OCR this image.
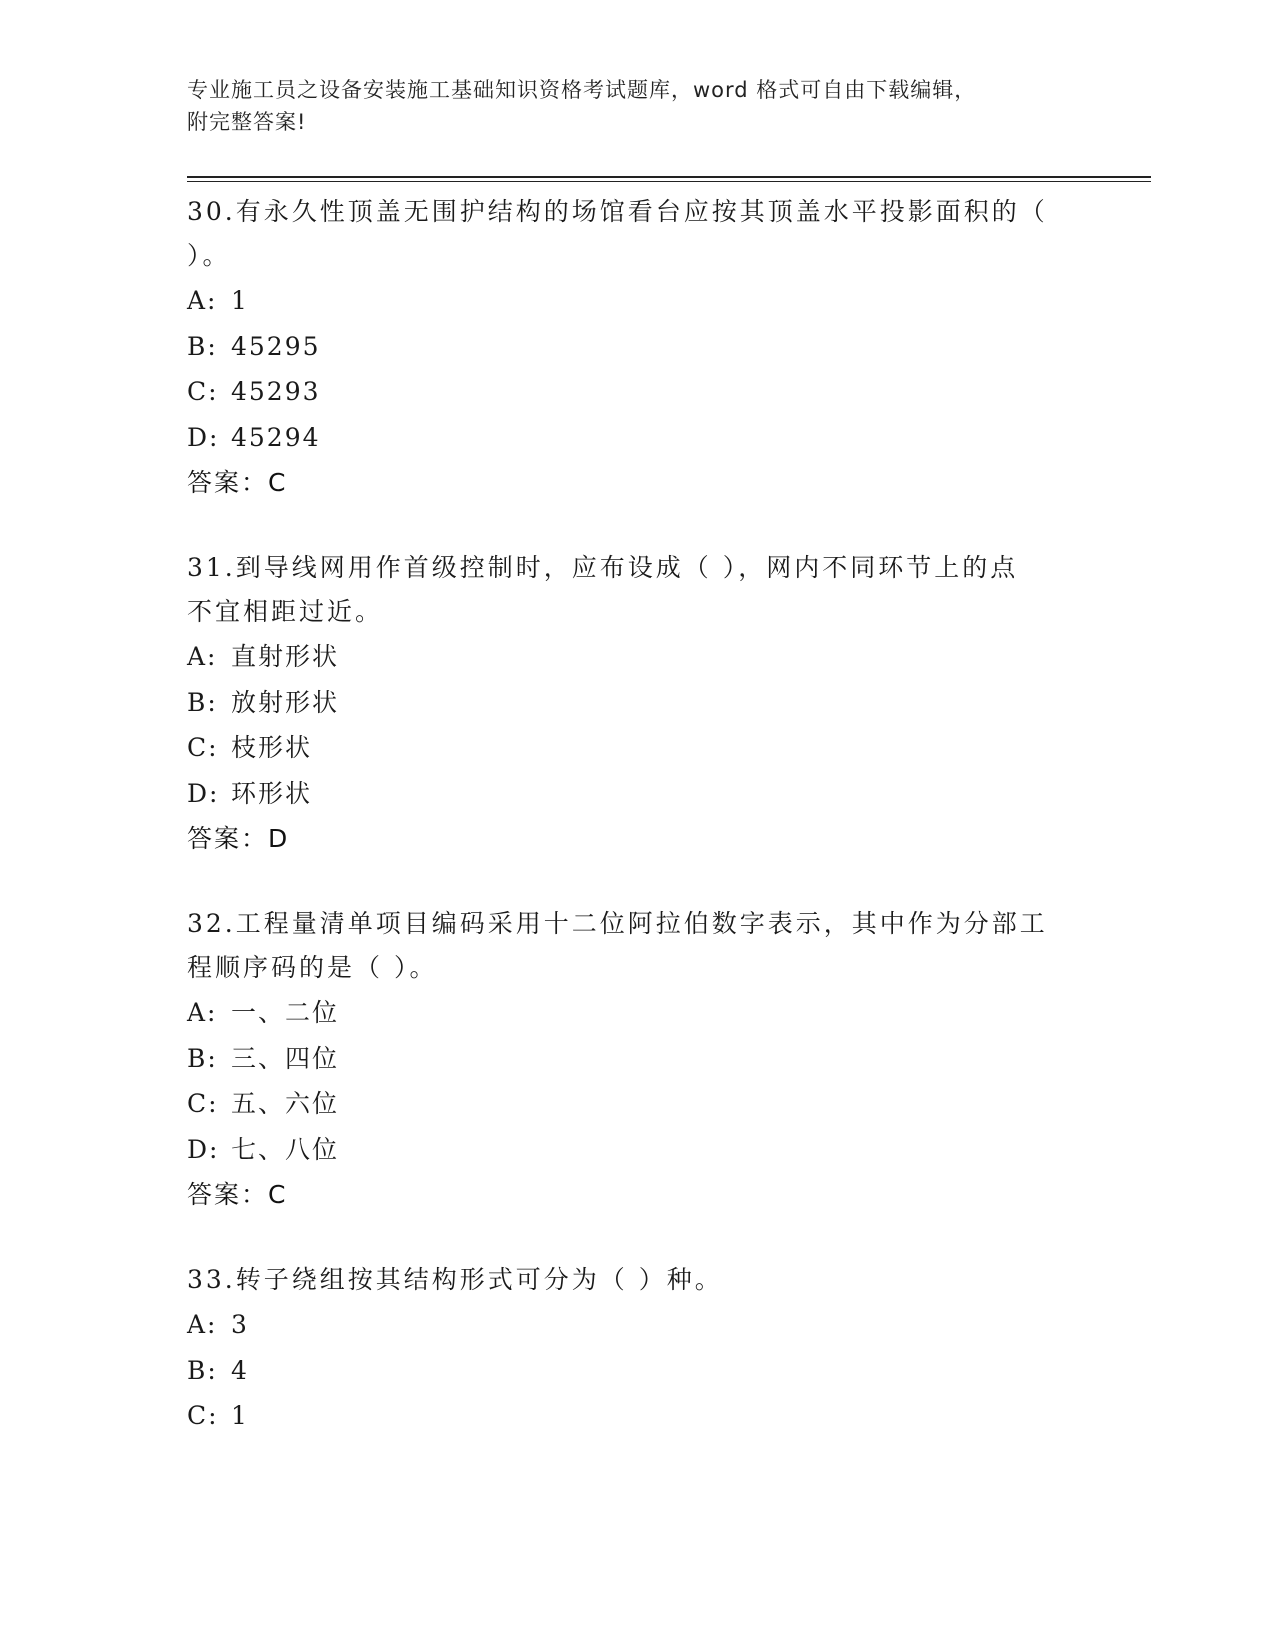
专业施工员之设备安装施工基础知识资格考试题库，word 格式可自由下载编辑，
附完整答案!
30.有永久性顶盖无围护结构的场馆看台应按其顶盖水平投影面积的（
）。
A: 1
B: 45295
C: 45293
D: 45294
答案：C
31.到导线网用作首级控制时，应布设成（ ），网内不同环节上的点
不宜相距过近。
A: 直射形状
B: 放射形状
C: 枝形状
D: 环形状
答案：D
32.工程量清单项目编码采用十二位阿拉伯数字表示，其中作为分部工
程顺序码的是（ ）。
A: 一、二位
B: 三、四位
C: 五、六位
D: 七、八位
答案：C
33.转子绕组按其结构形式可分为（ ）种。
A: 3
B: 4
C: 1
